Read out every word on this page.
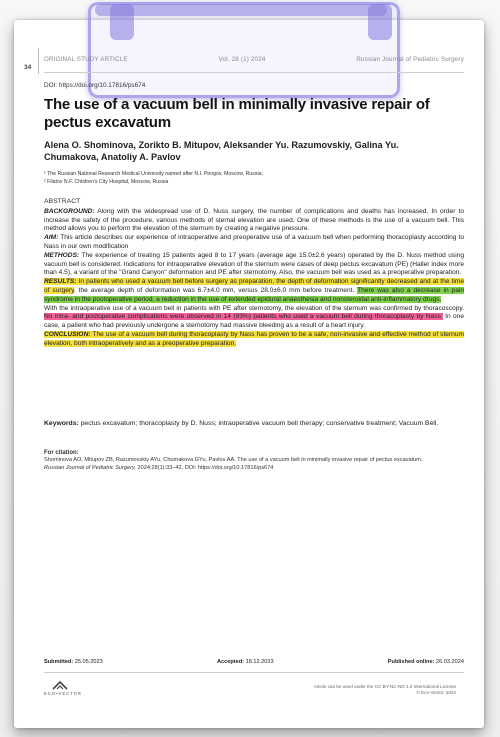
34
ORIGINAL STUDY ARTICLE	Vol. 28 (1) 2024	Russian Journal of Pediatric Surgery
DOI: https://doi.org/10.17816/ps674
The use of a vacuum bell in minimally invasive repair of pectus excavatum
Alena O. Shominova, Zorikto B. Mitupov, Aleksander Yu. Razumovskiy, Galina Yu. Chumakova, Anatoliy A. Pavlov
¹ The Russian National Research Medical University named after N.I. Pirogov, Moscow, Russia;
² Filatov N.F. Children's City Hospital, Moscow, Russia
ABSTRACT

BACKGROUND: Along with the widespread use of D. Nuss surgery, the number of complications and deaths has increased. In order to increase the safety of the procedure, various methods of sternal elevation are used. One of these methods is the use of a vacuum bell. This method allows you to perform the elevation of the sternum by creating a negative pressure.

AIM: This article describes our experience of intraoperative and preoperative use of a vacuum bell when performing thoracoplasty according to Nass in our own modification

METHODS: The experience of treating 15 patients aged 8 to 17 years (average age 15.0±2.6 years) operated by the D. Nuss method using vacuum bell is considered. Indications for intraoperative elevation of the sternum were cases of deep pectus excavatum (PE) (Haller index more than 4.5), a variant of the "Grand Canyon" deformation and PE after sternotomy. Also, the vacuum bell was used as a preoperative preparation.

RESULTS: In patients who used a vacuum bell before surgery as preparation, the depth of deformation significantly decreased and at the time of surgery, the average depth of deformation was 6.7±4.0 mm, versus 28.0±6.0 mm before treatment. There was also a decrease in pain syndrome in the postoperative period, a reduction in the use of extended epidural anaesthesia and nonsteroidal anti-inflammatory drugs.

With the intraoperative use of a vacuum bell in patients with PE after sternotomy, the elevation of the sternum was confirmed by thoracoscopy. No intra- and postoperative complications were observed in 14 (93%) patients who used a vacuum bell during thoracoplasty by Nass. In one case, a patient who had previously undergone a sternotomy had massive bleeding as a result of a heart injury.

CONCLUSION: The use of a vacuum bell during thoracoplasty by Nass has proven to be a safe, non-invasive and effective method of sternum elevation, both intraoperatively and as a preoperative preparation.

Keywords: pectus excavatum; thoracoplasty by D. Nuss; intraoperative vacuum bell therapy; conservative treatment; Vacuum Bell.
For citation:
Shominova AO, Mitupov ZB, Razumovskiy AYu, Chumakova GYu, Pavlov AA. The use of a vacuum bell in minimally invasive repair of pectus excavatum.
Russian Journal of Pediatric Surgery. 2024;28(1):33–42. DOI: https://doi.org/10.17816/ps674
Submitted: 25.05.2023	Accepted: 18.12.2023	Published online: 26.03.2024
ECO•VECTOR
Article can be used under the CC BY-NC-ND 4.0 International License
© Eco-Vector, 2024
